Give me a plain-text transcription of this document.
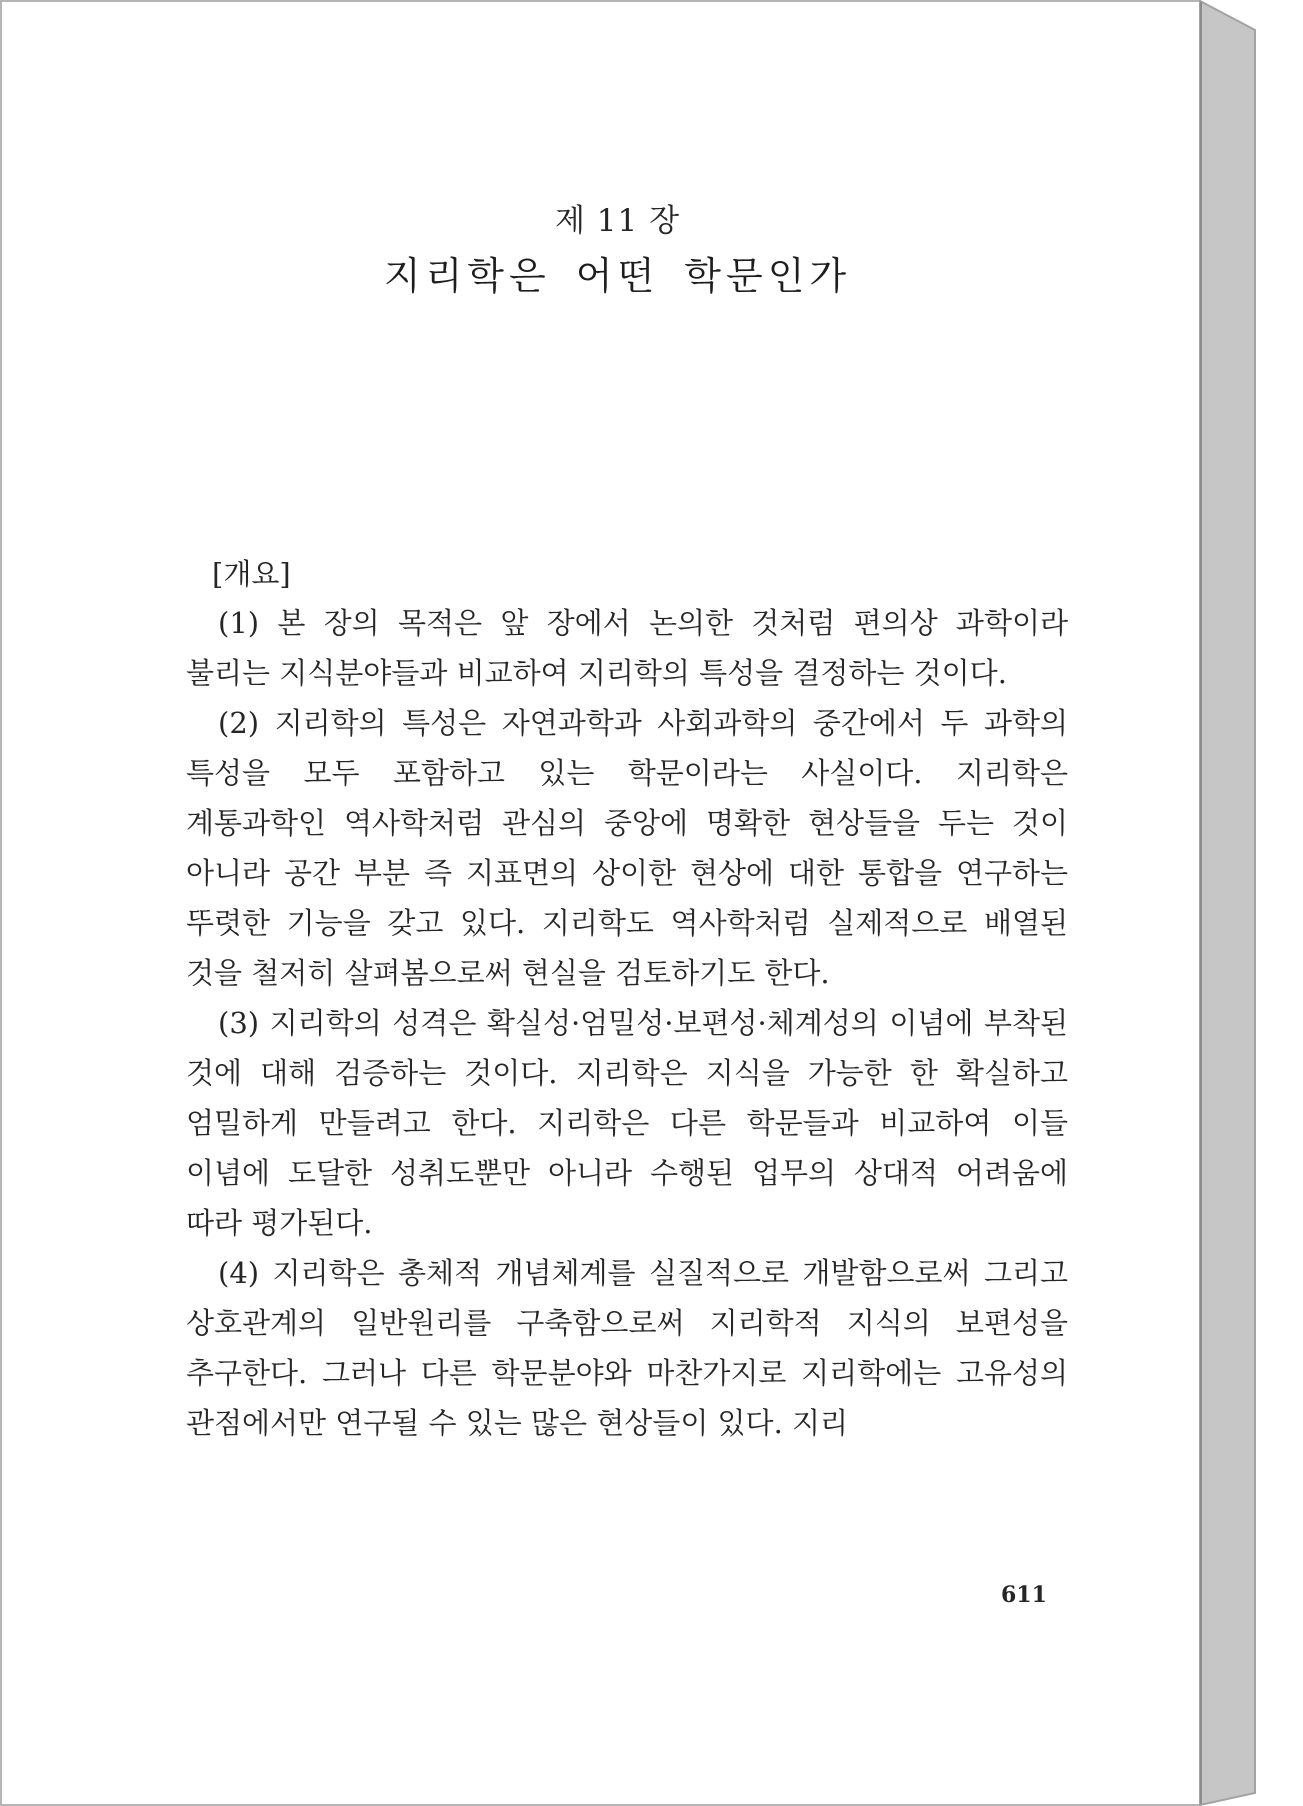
제 11 장
지리학은 어떤 학문인가
[개요]

(1) 본 장의 목적은 앞 장에서 논의한 것처럼 편의상 과학이라 불리는 지식분야들과 비교하여 지리학의 특성을 결정하는 것이다.

(2) 지리학의 특성은 자연과학과 사회과학의 중간에서 두 과학의 특성을 모두 포함하고 있는 학문이라는 사실이다. 지리학은 계통과학인 역사학처럼 관심의 중앙에 명확한 현상들을 두는 것이 아니라 공간 부분 즉 지표면의 상이한 현상에 대한 통합을 연구하는 뚜렷한 기능을 갖고 있다. 지리학도 역사학처럼 실제적으로 배열된 것을 철저히 살펴봄으로써 현실을 검토하기도 한다.

(3) 지리학의 성격은 확실성·엄밀성·보편성·체계성의 이념에 부착된 것에 대해 검증하는 것이다. 지리학은 지식을 가능한 한 확실하고 엄밀하게 만들려고 한다. 지리학은 다른 학문들과 비교하여 이들 이념에 도달한 성취도뿐만 아니라 수행된 업무의 상대적 어려움에 따라 평가된다.

(4) 지리학은 총체적 개념체계를 실질적으로 개발함으로써 그리고 상호관계의 일반원리를 구축함으로써 지리학적 지식의 보편성을 추구한다. 그러나 다른 학문분야와 마찬가지로 지리학에는 고유성의 관점에서만 연구될 수 있는 많은 현상들이 있다. 지리

611
